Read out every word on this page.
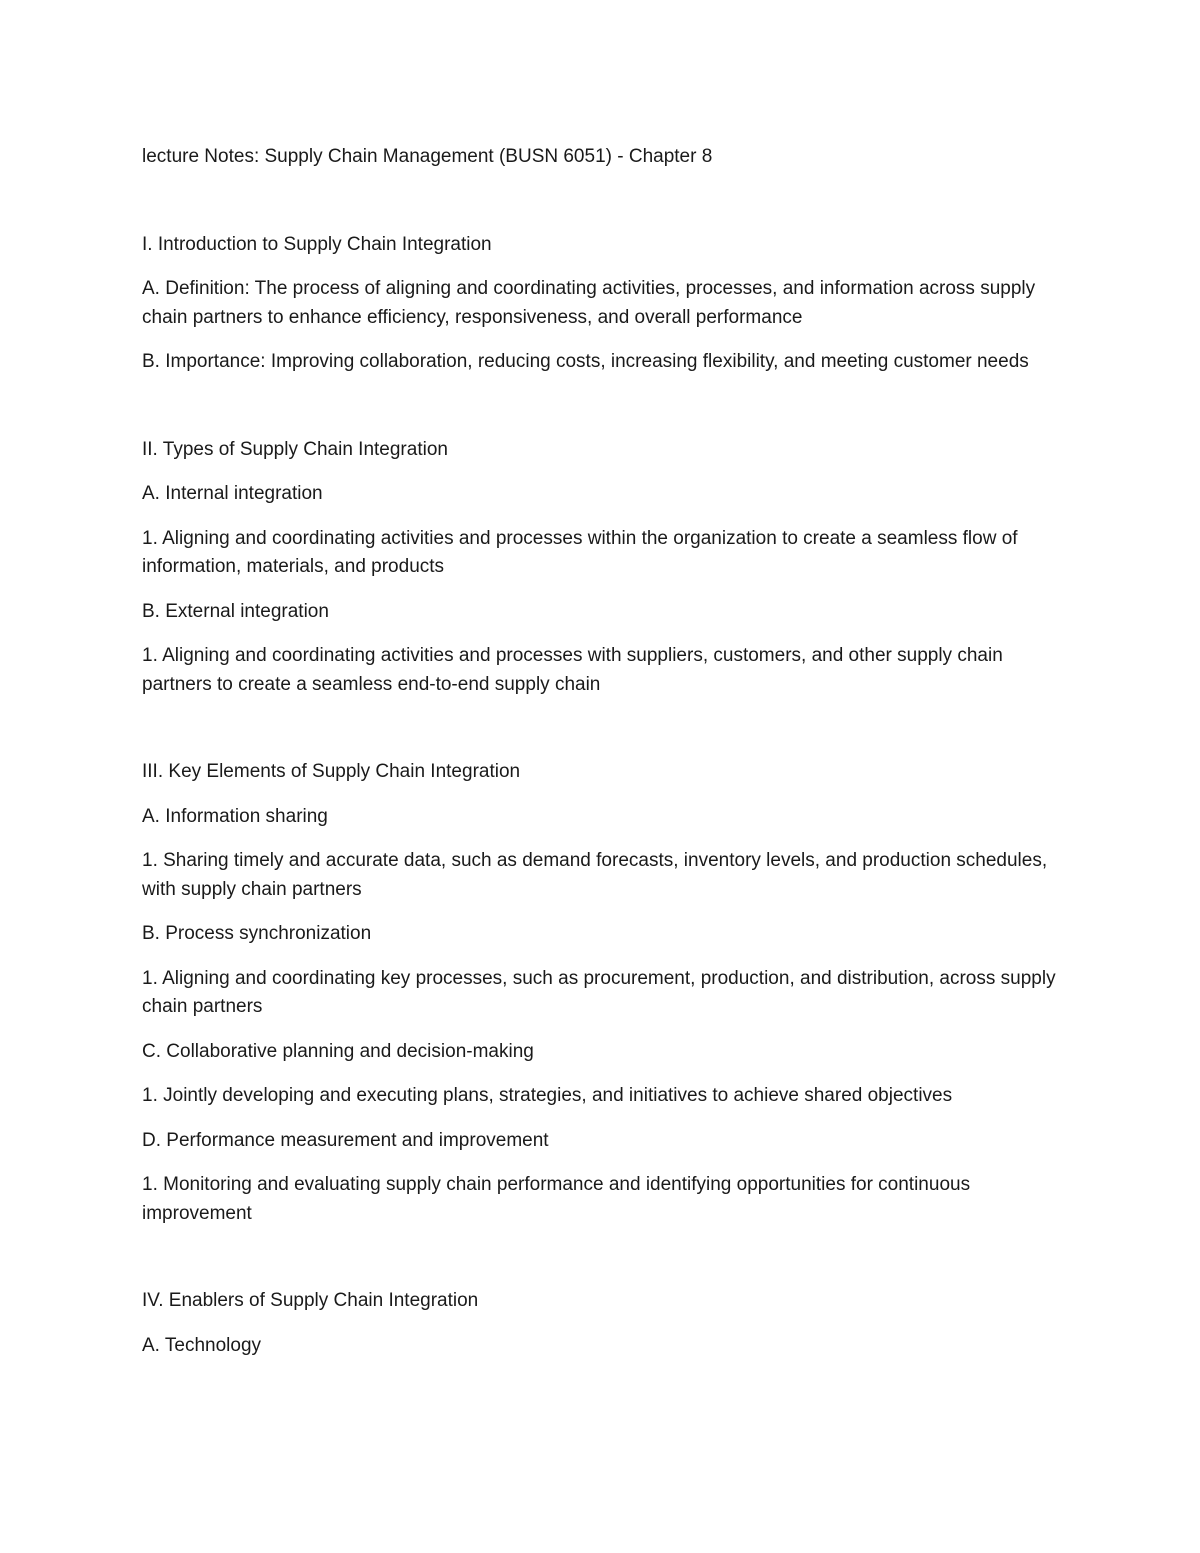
lecture Notes: Supply Chain Management (BUSN 6051) - Chapter 8

I. Introduction to Supply Chain Integration

A. Definition: The process of aligning and coordinating activities, processes, and information across supply chain partners to enhance efficiency, responsiveness, and overall performance

B. Importance: Improving collaboration, reducing costs, increasing flexibility, and meeting customer needs

II. Types of Supply Chain Integration

A. Internal integration

1. Aligning and coordinating activities and processes within the organization to create a seamless flow of information, materials, and products

B. External integration

1. Aligning and coordinating activities and processes with suppliers, customers, and other supply chain partners to create a seamless end-to-end supply chain

III. Key Elements of Supply Chain Integration

A. Information sharing

1. Sharing timely and accurate data, such as demand forecasts, inventory levels, and production schedules, with supply chain partners

B. Process synchronization

1. Aligning and coordinating key processes, such as procurement, production, and distribution, across supply chain partners

C. Collaborative planning and decision-making

1. Jointly developing and executing plans, strategies, and initiatives to achieve shared objectives

D. Performance measurement and improvement

1. Monitoring and evaluating supply chain performance and identifying opportunities for continuous improvement

IV. Enablers of Supply Chain Integration

A. Technology
